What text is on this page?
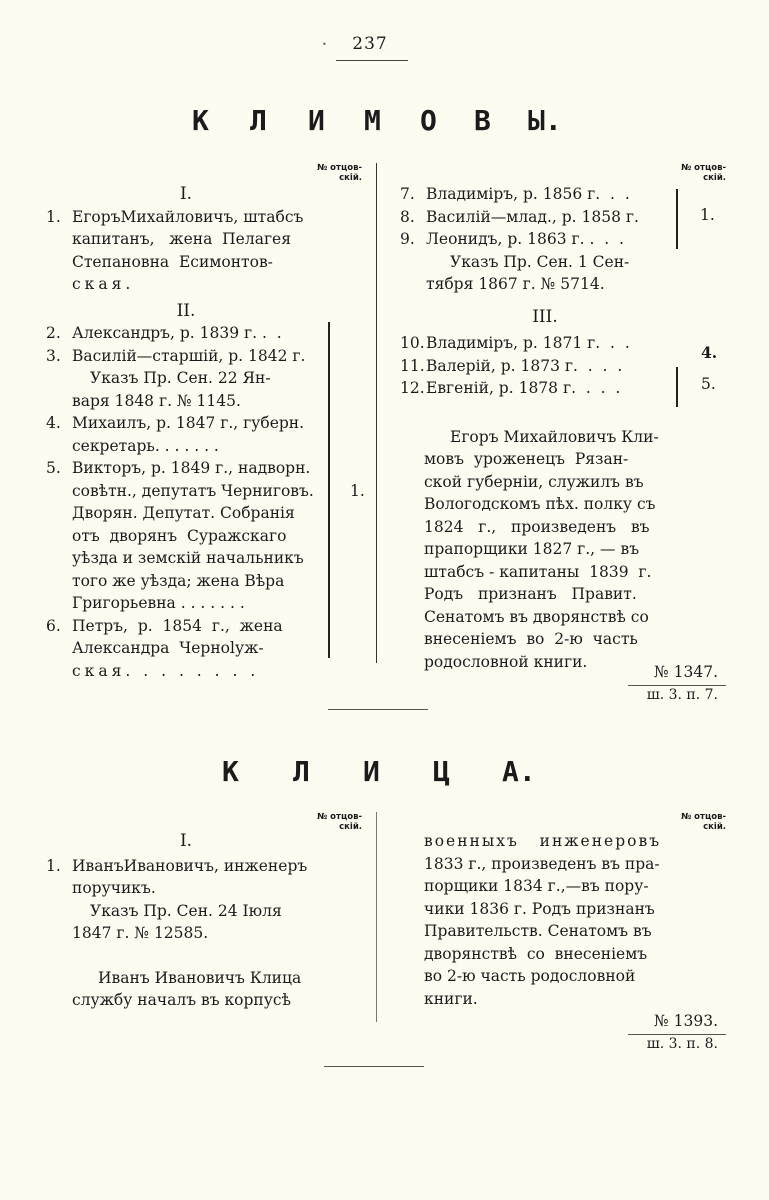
•	237
К Л И М О В Ы.
№ отцов-
скій.
№ отцов-
скій.

I.

1. ЕгоръМихайловичъ, штабсъ

капитанъ,   жена  Пелагея

Степановна  Есимонтов-

ская.

II.

2. Александръ, р. 1839 г. .  .

3. Василій—старшій, р. 1842 г.

Указъ Пр. Сен. 22 Ян-

варя 1848 г. № 1145.

4. Михаилъ, р. 1847 г., губерн.

секретарь. . . . . . .

5. Викторъ, р. 1849 г., надворн.

совѣтн., депутатъ Черниговъ.

Дворян. Депутат. Собранія

отъ  дворянъ  Суражскаго

уѣзда и земскій начальникъ

того же уѣзда; жена Вѣра

Григорьевна . . . . . . .

6. Петръ,  р.  1854  г.,  жена

Александра  Черноlуж-

ская. . . . . . . .

1.
7. Владиміръ, р. 1856 г.  .  .

8. Василій—млад., р. 1858 г.

9. Леонидъ, р. 1863 г. .  .  .

Указъ Пр. Сен. 1 Сен-

тября 1867 г. № 5714.

III.

10. Владиміръ, р. 1871 г.  .  .

11. Валерій, р. 1873 г.  .  .  .

12. Евгеній, р. 1878 г.  .  .  .

Егоръ Михайловичъ Кли-

мовъ  уроженецъ  Рязан-

ской губерніи, служилъ въ

Вологодскомъ пѣх. полку съ

1824   г.,   произведенъ   въ

прапорщики 1827 г., — въ

штабсъ - капитаны  1839  г.

Родъ   признанъ   Правит.

Сенатомъ въ дворянствѣ со

внесеніемъ  во  2-ю  часть

родословной книги.

1.
4.
5.
№ 1347.
ш. 3. п. 7.
К Л И Ц А.
№ отцов-
скій.
№ отцов-
скій.

I.

1. ИванъИвановичъ, инженеръ

поручикъ.

Указъ Пр. Сен. 24 Іюля

1847 г. № 12585.

Иванъ Ивановичъ Клица

службу началъ въ корпусѣ

военныхъ   инженеровъ

1833 г., произведенъ въ пра-

порщики 1834 г.,—въ пору-

чики 1836 г. Родъ признанъ

Правительств. Сенатомъ въ

дворянствѣ  со  внесеніемъ

во 2-ю часть родословной

книги.

№ 1393.
ш. 3. п. 8.
